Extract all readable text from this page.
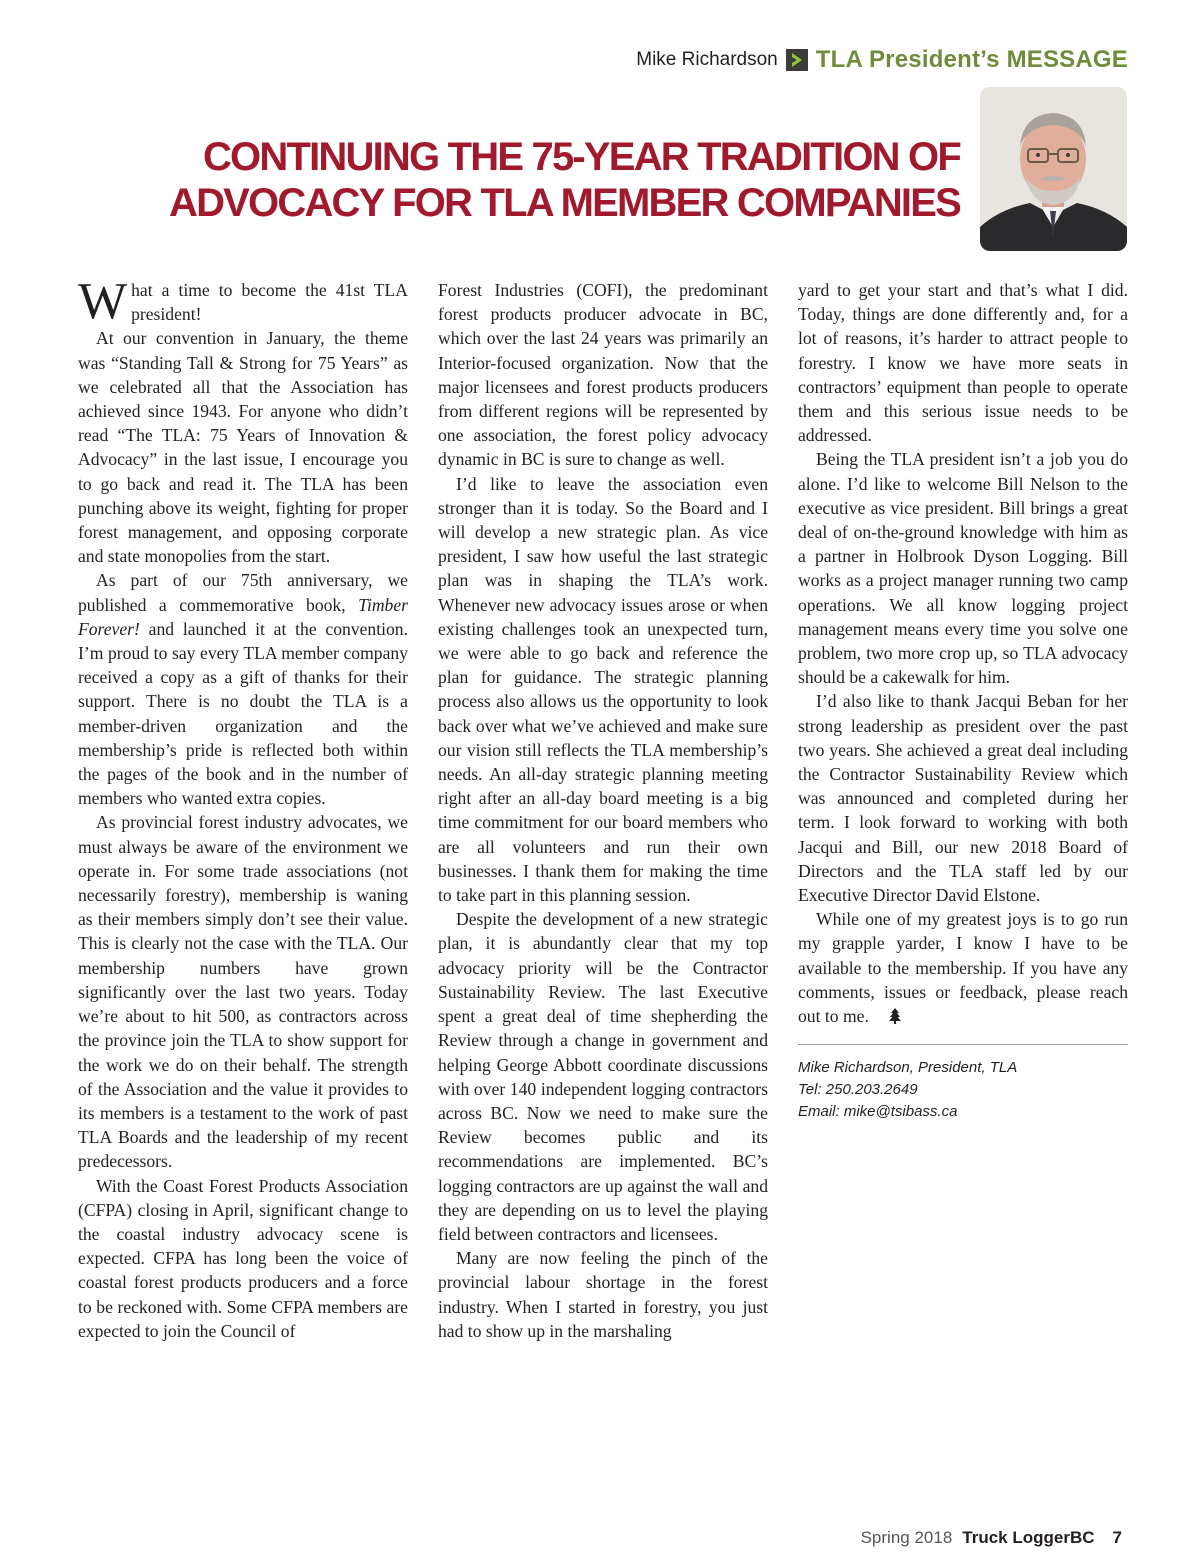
Mike Richardson TLA President’s MESSAGE
CONTINUING THE 75-YEAR TRADITION OF
ADVOCACY FOR TLA MEMBER COMPANIES

What a time to become the 41st TLA president!

At our convention in January, the theme was “Standing Tall & Strong for 75 Years” as we celebrated all that the Association has achieved since 1943. For anyone who didn’t read “The TLA: 75 Years of Innovation & Advocacy” in the last issue, I encourage you to go back and read it. The TLA has been punching above its weight, fighting for proper forest management, and opposing corporate and state monopolies from the start.

As part of our 75th anniversary, we published a commemorative book, Timber Forever! and launched it at the convention. I’m proud to say every TLA member company received a copy as a gift of thanks for their support. There is no doubt the TLA is a member-driven organization and the membership’s pride is reflected both within the pages of the book and in the number of members who wanted extra copies.

As provincial forest industry advocates, we must always be aware of the environment we operate in. For some trade associations (not necessarily forestry), membership is waning as their members simply don’t see their value. This is clearly not the case with the TLA. Our membership numbers have grown significantly over the last two years. Today we’re about to hit 500, as contractors across the province join the TLA to show support for the work we do on their behalf. The strength of the Association and the value it provides to its members is a testament to the work of past TLA Boards and the leadership of my recent predecessors.

With the Coast Forest Products Association (CFPA) closing in April, significant change to the coastal industry advocacy scene is expected. CFPA has long been the voice of coastal forest products producers and a force to be reckoned with. Some CFPA members are expected to join the Council of

Forest Industries (COFI), the predominant forest products producer advocate in BC, which over the last 24 years was primarily an Interior-focused organization. Now that the major licensees and forest products producers from different regions will be represented by one association, the forest policy advocacy dynamic in BC is sure to change as well.

I’d like to leave the association even stronger than it is today. So the Board and I will develop a new strategic plan. As vice president, I saw how useful the last strategic plan was in shaping the TLA’s work. Whenever new advocacy issues arose or when existing challenges took an unexpected turn, we were able to go back and reference the plan for guidance. The strategic planning process also allows us the opportunity to look back over what we’ve achieved and make sure our vision still reflects the TLA membership’s needs. An all-day strategic planning meeting right after an all-day board meeting is a big time commitment for our board members who are all volunteers and run their own businesses. I thank them for making the time to take part in this planning session.

Despite the development of a new strategic plan, it is abundantly clear that my top advocacy priority will be the Contractor Sustainability Review. The last Executive spent a great deal of time shepherding the Review through a change in government and helping George Abbott coordinate discussions with over 140 independent logging contractors across BC. Now we need to make sure the Review becomes public and its recommendations are implemented. BC’s logging contractors are up against the wall and they are depending on us to level the playing field between contractors and licensees.

Many are now feeling the pinch of the provincial labour shortage in the forest industry. When I started in forestry, you just had to show up in the marshaling

yard to get your start and that’s what I did. Today, things are done differently and, for a lot of reasons, it’s harder to attract people to forestry. I know we have more seats in contractors’ equipment than people to operate them and this serious issue needs to be addressed.

Being the TLA president isn’t a job you do alone. I’d like to welcome Bill Nelson to the executive as vice president. Bill brings a great deal of on-the-ground knowledge with him as a partner in Holbrook Dyson Logging. Bill works as a project manager running two camp operations. We all know logging project management means every time you solve one problem, two more crop up, so TLA advocacy should be a cakewalk for him.

I’d also like to thank Jacqui Beban for her strong leadership as president over the past two years. She achieved a great deal including the Contractor Sustainability Review which was announced and completed during her term. I look forward to working with both Jacqui and Bill, our new 2018 Board of Directors and the TLA staff led by our Executive Director David Elstone.

While one of my greatest joys is to go run my grapple yarder, I know I have to be available to the membership. If you have any comments, issues or feedback, please reach out to me.

Mike Richardson, President, TLA
Tel: 250.203.2649
Email: mike@tsibass.ca
Spring 2018 Truck LoggerBC 7
